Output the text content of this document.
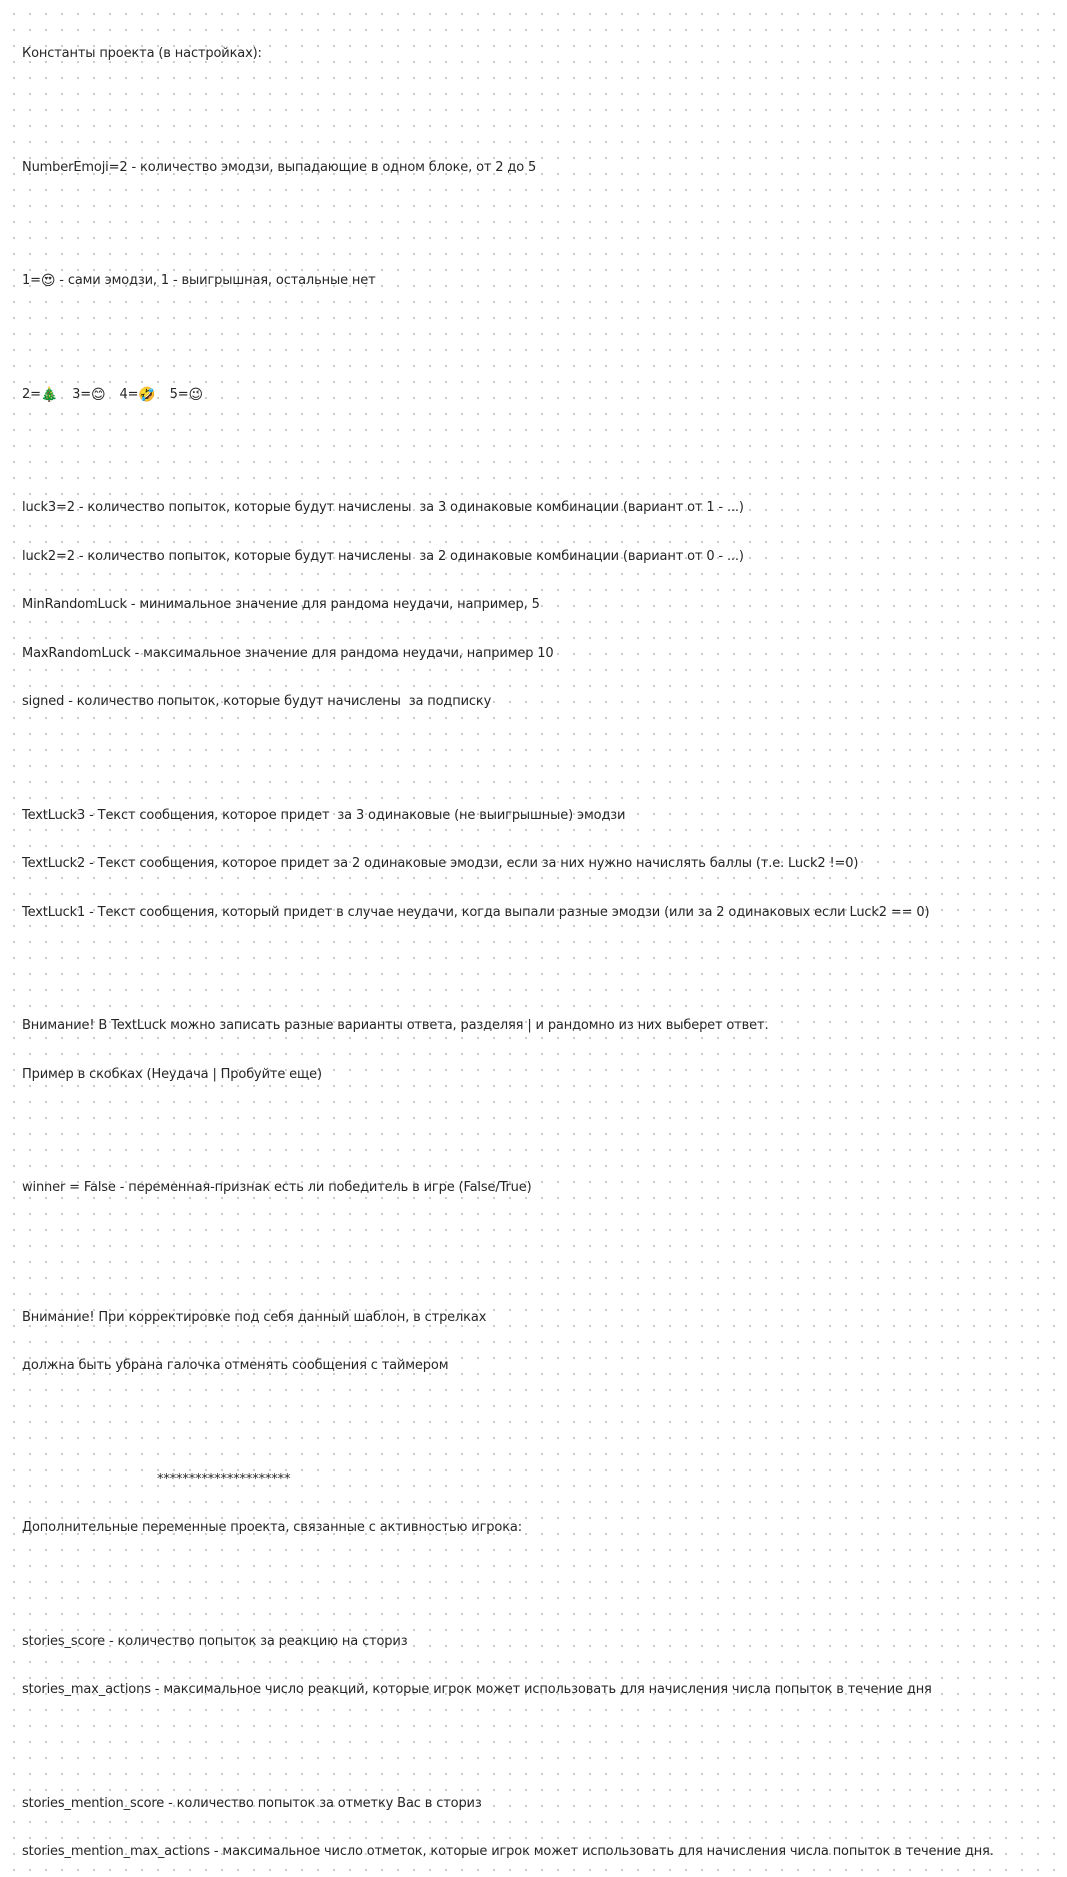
Константы проекта (в настройках):

NumberEmoji=2 - количество эмодзи, выпадающие в одном блоке, от 2 до 5

1=😍 - сами эмодзи, 1 - выигрышная, остальные нет

2=🎄 3=😊 4=🤣 5=😉

luck3=2 - количество попыток, которые будут начислены  за 3 одинаковые комбинации (вариант от 1 - ...)

luck2=2 - количество попыток, которые будут начислены  за 2 одинаковые комбинации (вариант от 0 - ...)

MinRandomLuck - минимальное значение для рандома неудачи, например, 5

MaxRandomLuck - максимальное значение для рандома неудачи, например 10

signed - количество попыток, которые будут начислены  за подписку

TextLuck3 - Текст сообщения, которое придет  за 3 одинаковые (не выигрышные) эмодзи

TextLuck2 - Текст сообщения, которое придет за 2 одинаковые эмодзи, если за них нужно начислять баллы (т.е. Luck2 !=0)

TextLuck1 - Текст сообщения, который придет в случае неудачи, когда выпали разные эмодзи (или за 2 одинаковых если Luck2 == 0)

Внимание! В TextLuck можно записать разные варианты ответа, разделяя | и рандомно из них выберет ответ.

Пример в скобках (Неудача | Пробуйте еще)

winner = False - переменная-признак есть ли победитель в игре (False/True)

Внимание! При корректировке под себя данный шаблон, в стрелках

должна быть убрана галочка отменять сообщения с таймером

*********************

Дополнительные переменные проекта, связанные с активностью игрока:

stories_score - количество попыток за реакцию на сториз

stories_max_actions - максимальное число реакций, которые игрок может использовать для начисления числа попыток в течение дня

stories_mention_score - количество попыток за отметку Вас в сториз

stories_mention_max_actions - максимальное число отметок, которые игрок может использовать для начисления числа попыток в течение дня.
